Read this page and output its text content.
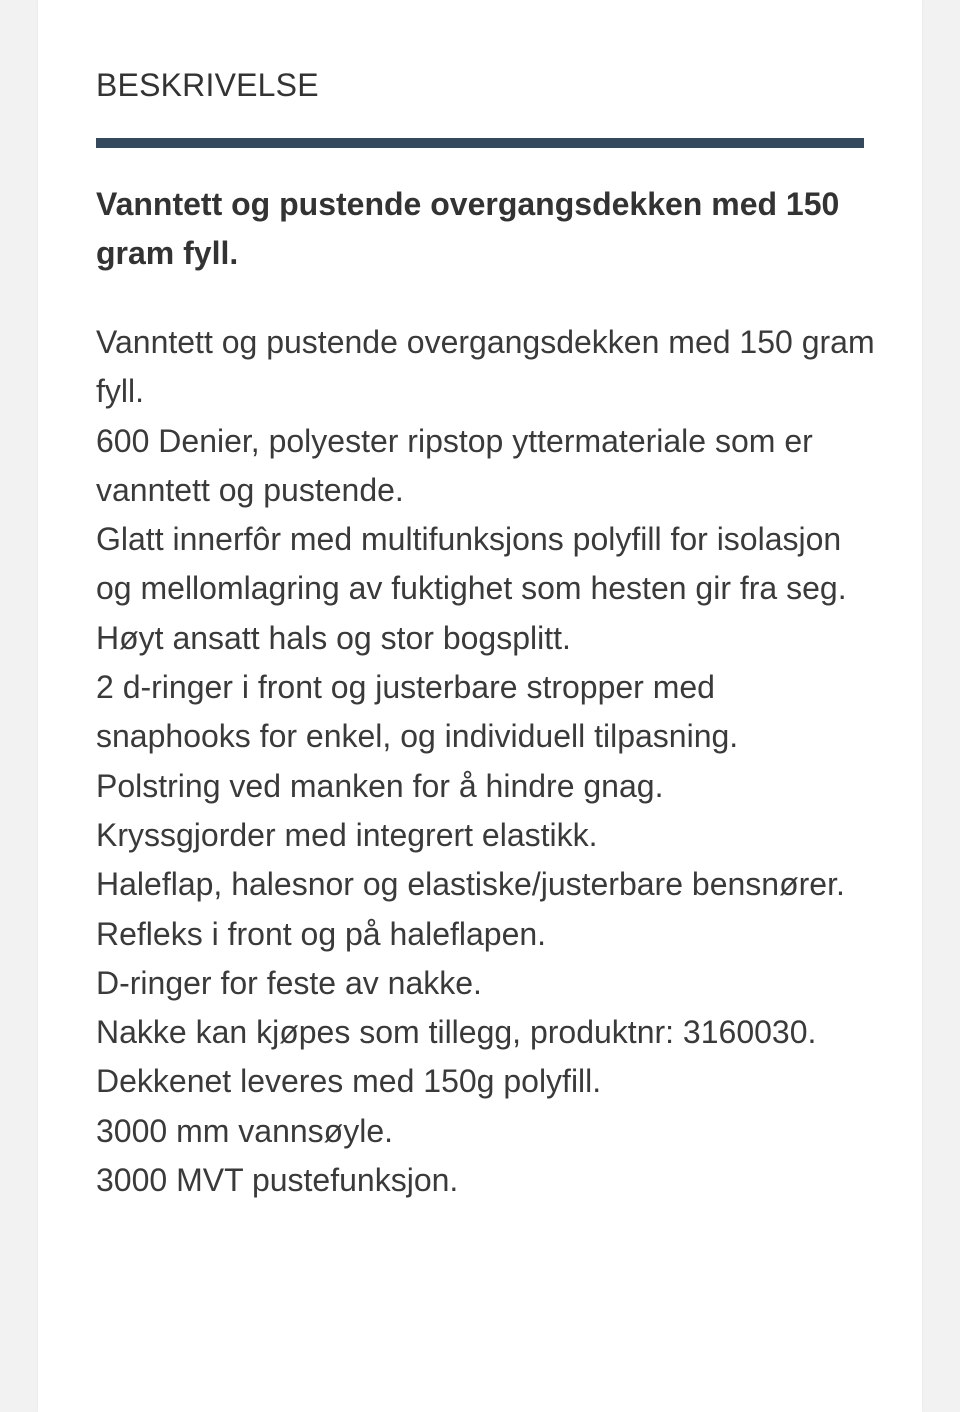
BESKRIVELSE

Vanntett og pustende overgangsdekken med 150 gram fyll.

Vanntett og pustende overgangsdekken med 150 gram fyll.
600 Denier, polyester ripstop yttermateriale som er vanntett og pustende.
Glatt innerfôr med multifunksjons polyfill for isolasjon og mellomlagring av fuktighet som hesten gir fra seg.
Høyt ansatt hals og stor bogsplitt.
2 d-ringer i front og justerbare stropper med snaphooks for enkel, og individuell tilpasning.
Polstring ved manken for å hindre gnag.
Kryssgjorder med integrert elastikk.
Haleflap, halesnor og elastiske/justerbare bensnører.
Refleks i front og på haleflapen.
D-ringer for feste av nakke.
Nakke kan kjøpes som tillegg, produktnr: 3160030.
Dekkenet leveres med 150g polyfill.
3000 mm vannsøyle.
3000 MVT pustefunksjon.
